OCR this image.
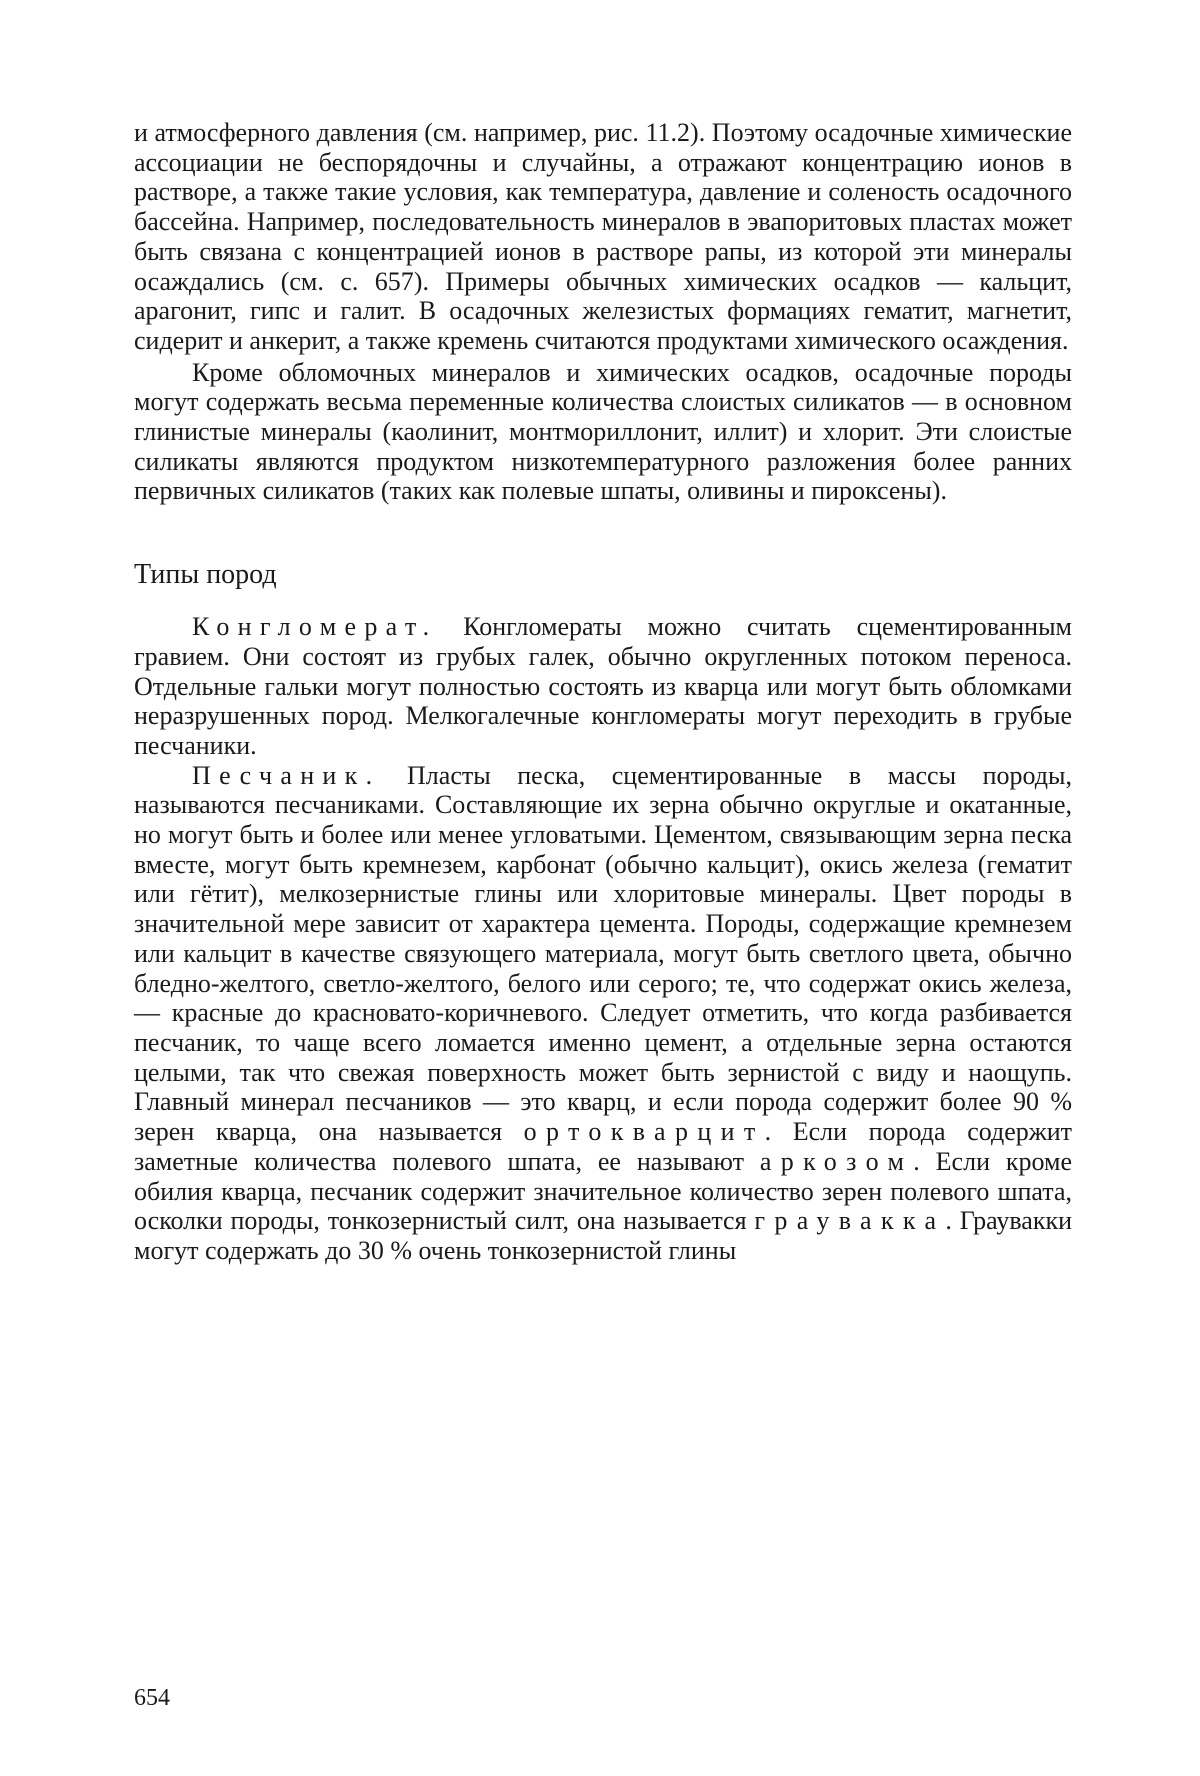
и атмосферного давления (см. например, рис. 11.2). Поэтому осадочные химические ассоциации не беспорядочны и случайны, а отражают концентрацию ионов в растворе, а также такие условия, как температура, давление и соленость осадочного бассейна. Например, последовательность минералов в эвапоритовых пластах может быть связана с концентрацией ионов в растворе рапы, из которой эти минералы осаждались (см. с. 657). Примеры обычных химических осадков — кальцит, арагонит, гипс и галит. В осадочных железистых формациях гематит, магнетит, сидерит и анкерит, а также кремень считаются продуктами химического осаждения.

Кроме обломочных минералов и химических осадков, осадочные породы могут содержать весьма переменные количества слоистых силикатов — в основном глинистые минералы (каолинит, монтмориллонит, иллит) и хлорит. Эти слоистые силикаты являются продуктом низкотемпературного разложения более ранних первичных силикатов (таких как полевые шпаты, оливины и пироксены).

Типы пород

Конгломерат. Конгломераты можно считать сцементированным гравием. Они состоят из грубых галек, обычно округленных потоком переноса. Отдельные гальки могут полностью состоять из кварца или могут быть обломками неразрушенных пород. Мелкогалечные конгломераты могут переходить в грубые песчаники.

Песчаник. Пласты песка, сцементированные в массы породы, называются песчаниками. Составляющие их зерна обычно округлые и окатанные, но могут быть и более или менее угловатыми. Цементом, связывающим зерна песка вместе, могут быть кремнезем, карбонат (обычно кальцит), окись железа (гематит или гётит), мелкозернистые глины или хлоритовые минералы. Цвет породы в значительной мере зависит от характера цемента. Породы, содержащие кремнезем или кальцит в качестве связующего материала, могут быть светлого цвета, обычно бледно-желтого, светло-желтого, белого или серого; те, что содержат окись железа, — красные до красновато-коричневого. Следует отметить, что когда разбивается песчаник, то чаще всего ломается именно цемент, а отдельные зерна остаются целыми, так что свежая поверхность может быть зернистой с виду и наощупь. Главный минерал песчаников — это кварц, и если порода содержит более 90 % зерен кварца, она называется ортокварцит. Если порода содержит заметные количества полевого шпата, ее называют аркозом. Если кроме обилия кварца, песчаник содержит значительное количество зерен полевого шпата, осколки породы, тонкозернистый силт, она называется граувакка. Граувакки могут содержать до 30 % очень тонкозернистой глины

654
